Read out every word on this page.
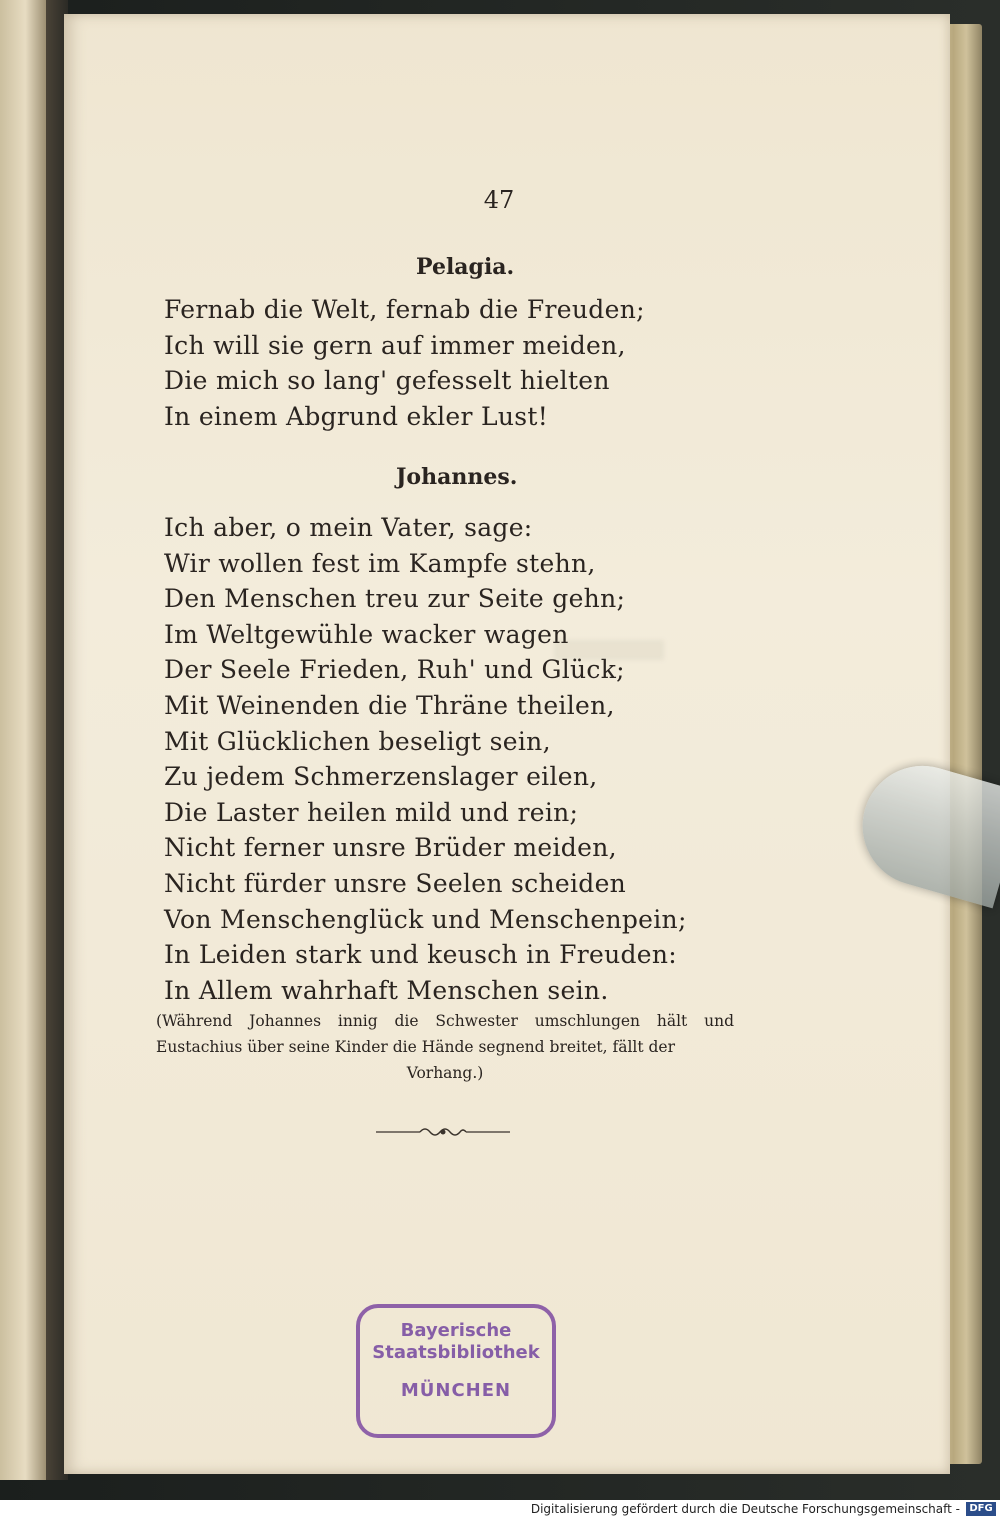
47
Pelagia.
Fernab die Welt, fernab die Freuden;
Ich will sie gern auf immer meiden,
Die mich so lang' gefesselt hielten
In einem Abgrund ekler Lust!
Johannes.
Ich aber, o mein Vater, sage:
Wir wollen fest im Kampfe stehn,
Den Menschen treu zur Seite gehn;
Im Weltgewühle wacker wagen
Der Seele Frieden, Ruh' und Glück;
Mit Weinenden die Thräne theilen,
Mit Glücklichen beseligt sein,
Zu jedem Schmerzenslager eilen,
Die Laster heilen mild und rein;
Nicht ferner unsre Brüder meiden,
Nicht fürder unsre Seelen scheiden
Von Menschenglück und Menschenpein;
In Leiden stark und keusch in Freuden:
In Allem wahrhaft Menschen sein.
(Während Johannes innig die Schwester umschlungen hält und Eustachius über seine Kinder die Hände segnend breitet, fällt der
Vorhang.)
Bayerische
Staatsbibliothek
MÜNCHEN
Digitalisierung gefördert durch die Deutsche Forschungsgemeinschaft - DFG
